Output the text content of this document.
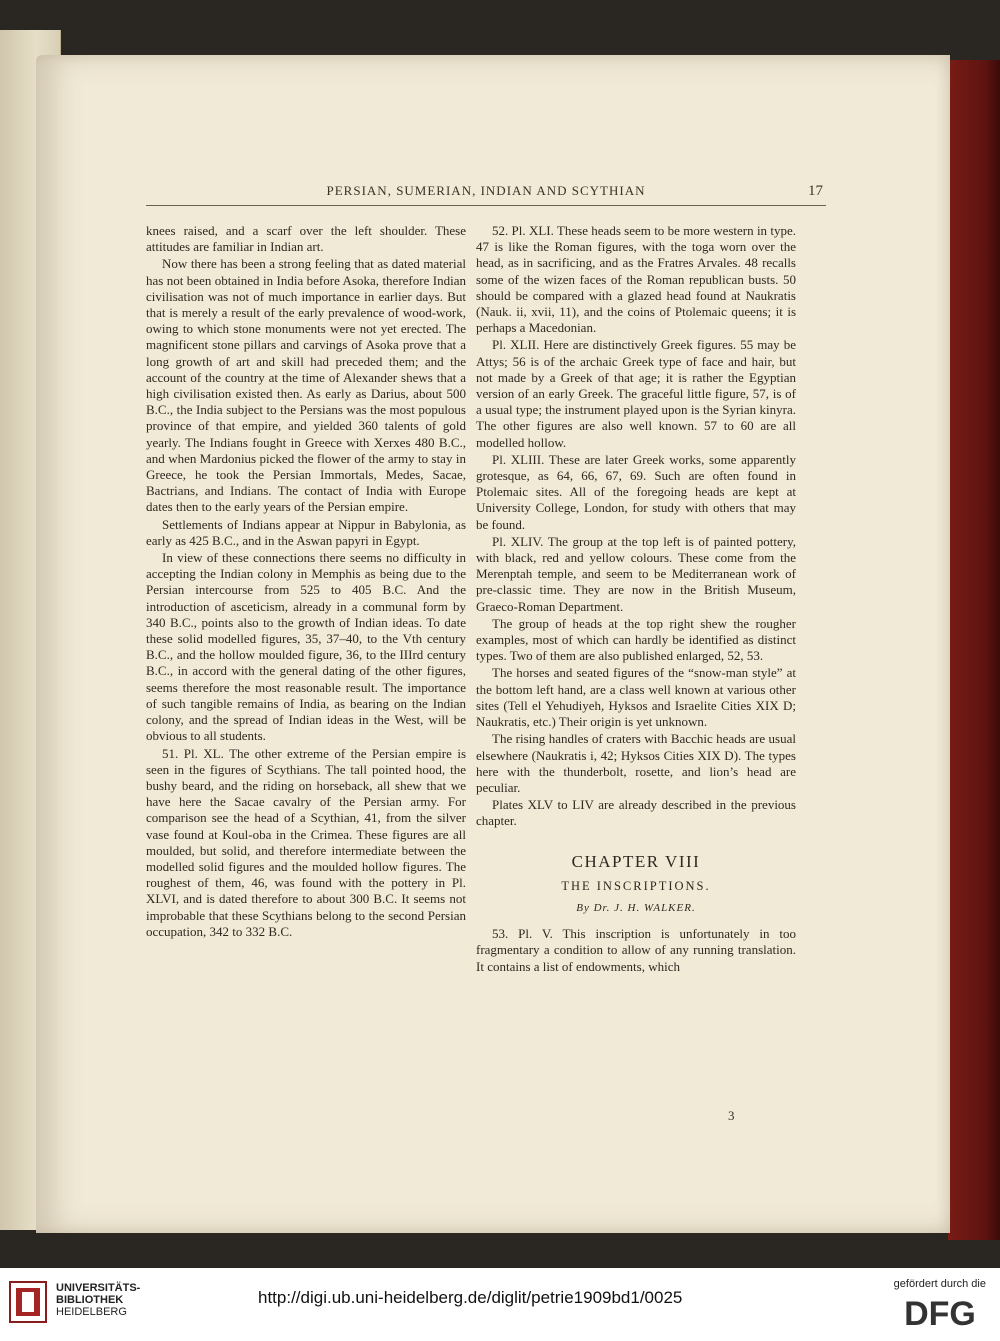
PERSIAN, SUMERIAN, INDIAN AND SCYTHIAN	17

knees raised, and a scarf over the left shoulder. These attitudes are familiar in Indian art.

Now there has been a strong feeling that as dated material has not been obtained in India before Asoka, therefore Indian civilisation was not of much importance in earlier days. But that is merely a result of the early prevalence of wood-work, owing to which stone monuments were not yet erected. The magnificent stone pillars and carvings of Asoka prove that a long growth of art and skill had preceded them; and the account of the country at the time of Alexander shews that a high civilisation existed then. As early as Darius, about 500 B.C., the India subject to the Persians was the most populous province of that empire, and yielded 360 talents of gold yearly. The Indians fought in Greece with Xerxes 480 B.C., and when Mardonius picked the flower of the army to stay in Greece, he took the Persian Immortals, Medes, Sacae, Bactrians, and Indians. The contact of India with Europe dates then to the early years of the Persian empire.

Settlements of Indians appear at Nippur in Babylonia, as early as 425 B.C., and in the Aswan papyri in Egypt.

In view of these connections there seems no difficulty in accepting the Indian colony in Memphis as being due to the Persian intercourse from 525 to 405 B.C. And the introduction of asceticism, already in a communal form by 340 B.C., points also to the growth of Indian ideas. To date these solid modelled figures, 35, 37–40, to the Vth century B.C., and the hollow moulded figure, 36, to the IIIrd century B.C., in accord with the general dating of the other figures, seems therefore the most reasonable result. The importance of such tangible remains of India, as bearing on the Indian colony, and the spread of Indian ideas in the West, will be obvious to all students.

51. Pl. XL. The other extreme of the Persian empire is seen in the figures of Scythians. The tall pointed hood, the bushy beard, and the riding on horseback, all shew that we have here the Sacae cavalry of the Persian army. For comparison see the head of a Scythian, 41, from the silver vase found at Koul-oba in the Crimea. These figures are all moulded, but solid, and therefore intermediate between the modelled solid figures and the moulded hollow figures. The roughest of them, 46, was found with the pottery in Pl. XLVI, and is dated therefore to about 300 B.C. It seems not improbable that these Scythians belong to the second Persian occupation, 342 to 332 B.C.

52. Pl. XLI. These heads seem to be more western in type. 47 is like the Roman figures, with the toga worn over the head, as in sacrificing, and as the Fratres Arvales. 48 recalls some of the wizen faces of the Roman republican busts. 50 should be compared with a glazed head found at Naukratis (Nauk. ii, xvii, 11), and the coins of Ptolemaic queens; it is perhaps a Macedonian.

Pl. XLII. Here are distinctively Greek figures. 55 may be Attys; 56 is of the archaic Greek type of face and hair, but not made by a Greek of that age; it is rather the Egyptian version of an early Greek. The graceful little figure, 57, is of a usual type; the instrument played upon is the Syrian kinyra. The other figures are also well known. 57 to 60 are all modelled hollow.

Pl. XLIII. These are later Greek works, some apparently grotesque, as 64, 66, 67, 69. Such are often found in Ptolemaic sites. All of the foregoing heads are kept at University College, London, for study with others that may be found.

Pl. XLIV. The group at the top left is of painted pottery, with black, red and yellow colours. These come from the Merenptah temple, and seem to be Mediterranean work of pre-classic time. They are now in the British Museum, Graeco-Roman Department.

The group of heads at the top right shew the rougher examples, most of which can hardly be identified as distinct types. Two of them are also published enlarged, 52, 53.

The horses and seated figures of the “snow-man style” at the bottom left hand, are a class well known at various other sites (Tell el Yehudiyeh, Hyksos and Israelite Cities XIX D; Naukratis, etc.) Their origin is yet unknown.

The rising handles of craters with Bacchic heads are usual elsewhere (Naukratis i, 42; Hyksos Cities XIX D). The types here with the thunderbolt, rosette, and lion’s head are peculiar.

Plates XLV to LIV are already described in the previous chapter.

CHAPTER VIII
THE INSCRIPTIONS.
By Dr. J. H. WALKER.

53. Pl. V. This inscription is unfortunately in too fragmentary a condition to allow of any running translation. It contains a list of endowments, which

3
UNIVERSITÄTS-
BIBLIOTHEK
HEIDELBERG
http://digi.ub.uni-heidelberg.de/diglit/petrie1909bd1/0025
gefördert durch die
DFG
